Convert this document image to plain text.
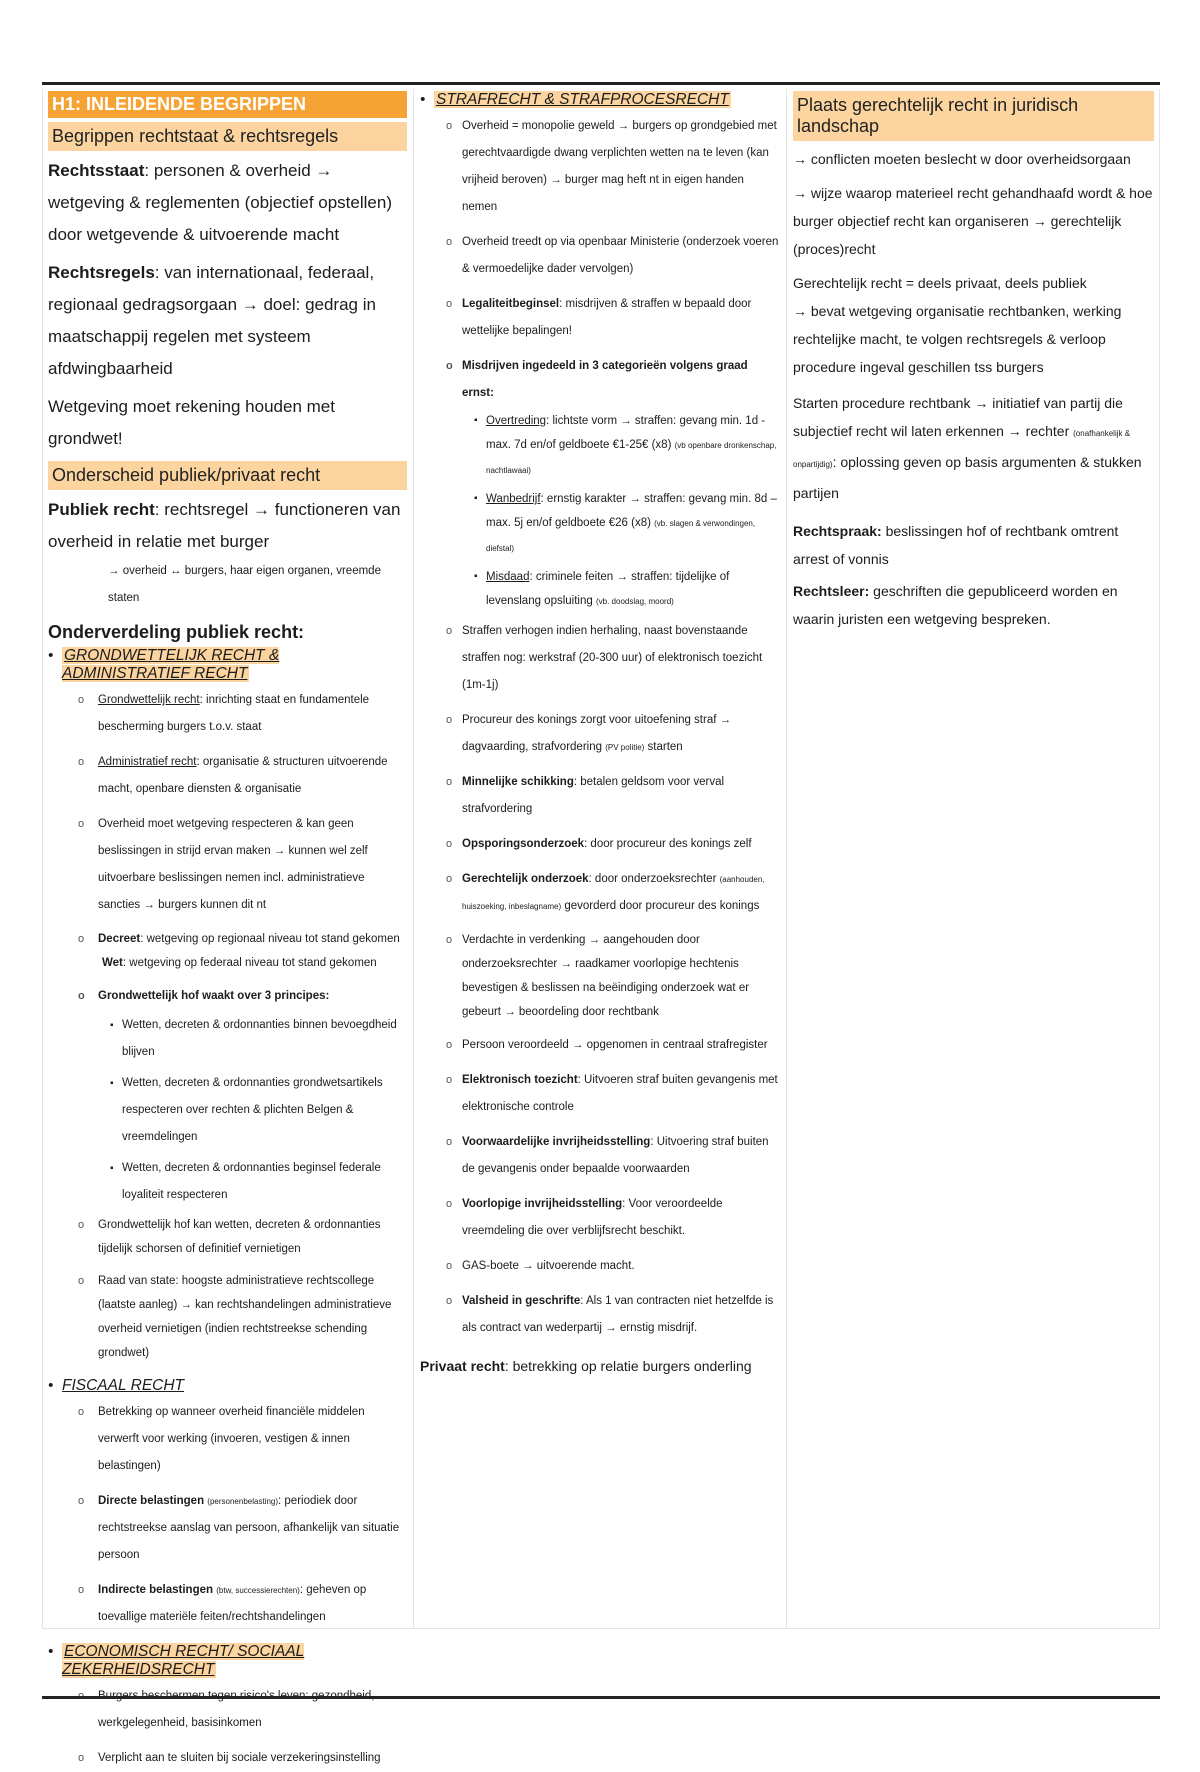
H1: INLEIDENDE BEGRIPPEN
Begrippen rechtstaat & rechtsregels
Rechtsstaat: personen & overheid → wetgeving & reglementen (objectief opstellen) door wetgevende & uitvoerende macht
Rechtsregels: van internationaal, federaal, regionaal gedragsorgaan → doel: gedrag in maatschappij regelen met systeem afdwingbaarheid
Wetgeving moet rekening houden met grondwet!
Onderscheid publiek/privaat recht
Publiek recht: rechtsregel → functioneren van overheid in relatie met burger
→ overheid ↔ burgers, haar eigen organen, vreemde staten
Onderverdeling publiek recht:
• GRONDWETTELIJK RECHT & ADMINISTRATIEF RECHT
o Grondwettelijk recht: inrichting staat en fundamentele bescherming burgers t.o.v. staat
o Administratief recht: organisatie & structuren uitvoerende macht, openbare diensten & organisatie
o Overheid moet wetgeving respecteren & kan geen beslissingen in strijd ervan maken → kunnen wel zelf uitvoerbare beslissingen nemen incl. administratieve sancties → burgers kunnen dit nt
o Decreet: wetgeving op regionaal niveau tot stand gekomen
Wet: wetgeving op federaal niveau tot stand gekomen
o Grondwettelijk hof waakt over 3 principes:
▪ Wetten, decreten & ordonnanties binnen bevoegdheid blijven
▪ Wetten, decreten & ordonnanties grondwetsartikels respecteren over rechten & plichten Belgen & vreemdelingen
▪ Wetten, decreten & ordonnanties beginsel federale loyaliteit respecteren
o Grondwettelijk hof kan wetten, decreten & ordonnanties tijdelijk schorsen of definitief vernietigen
o Raad van state: hoogste administratieve rechtscollege (laatste aanleg) → kan rechtshandelingen administratieve overheid vernietigen (indien rechtstreekse schending grondwet)
• FISCAAL RECHT
o Betrekking op wanneer overheid financiële middelen verwerft voor werking (invoeren, vestigen & innen belastingen)
o Directe belastingen (personenbelasting): periodiek door rechtstreekse aanslag van persoon, afhankelijk van situatie persoon
o Indirecte belastingen (btw, successierechten): geheven op toevallige materiële feiten/rechtshandelingen
• ECONOMISCH RECHT/ SOCIAAL ZEKERHEIDSRECHT
o Burgers beschermen tegen risico's leven: gezondheid, werkgelegenheid, basisinkomen
o Verplicht aan te sluiten bij sociale verzekeringsinstelling
• STRAFRECHT & STRAFPROCESRECHT
o Overheid = monopolie geweld → burgers op grondgebied met gerechtvaardigde dwang verplichten wetten na te leven (kan vrijheid beroven) → burger mag heft nt in eigen handen nemen
o Overheid treedt op via openbaar Ministerie (onderzoek voeren & vermoedelijke dader vervolgen)
o Legaliteitbeginsel: misdrijven & straffen w bepaald door wettelijke bepalingen!
o Misdrijven ingedeeld in 3 categorieën volgens graad ernst:
▪ Overtreding: lichtste vorm → straffen: gevang min. 1d - max. 7d en/of geldboete €1-25€ (x8) (vb openbare dronkenschap, nachtlawaai)
▪ Wanbedrijf: ernstig karakter → straffen: gevang min. 8d – max. 5j en/of geldboete €26 (x8) (vb. slagen & verwondingen, diefstal)
▪ Misdaad: criminele feiten → straffen: tijdelijke of levenslang opsluiting (vb. doodslag, moord)
o Straffen verhogen indien herhaling, naast bovenstaande straffen nog: werkstraf (20-300 uur) of elektronisch toezicht (1m-1j)
o Procureur des konings zorgt voor uitoefening straf → dagvaarding, strafvordering (PV politie) starten
o Minnelijke schikking: betalen geldsom voor verval strafvordering
o Opsporingsonderzoek: door procureur des konings zelf
o Gerechtelijk onderzoek: door onderzoeksrechter (aanhouden, huiszoeking, inbeslagname) gevorderd door procureur des konings
o Verdachte in verdenking → aangehouden door onderzoeksrechter → raadkamer voorlopige hechtenis bevestigen & beslissen na beëindiging onderzoek wat er gebeurt → beoordeling door rechtbank
o Persoon veroordeeld → opgenomen in centraal strafregister
o Elektronisch toezicht: Uitvoeren straf buiten gevangenis met elektronische controle
o Voorwaardelijke invrijheidsstelling: Uitvoering straf buiten de gevangenis onder bepaalde voorwaarden
o Voorlopige invrijheidsstelling: Voor veroordeelde vreemdeling die over verblijfsrecht beschikt.
o GAS-boete → uitvoerende macht.
o Valsheid in geschrifte: Als 1 van contracten niet hetzelfde is als contract van wederpartij → ernstig misdrijf.
Privaat recht: betrekking op relatie burgers onderling
Plaats gerechtelijk recht in juridisch landschap
→ conflicten moeten beslecht w door overheidsorgaan
→ wijze waarop materieel recht gehandhaafd wordt & hoe burger objectief recht kan organiseren → gerechtelijk (proces)recht
Gerechtelijk recht = deels privaat, deels publiek
→ bevat wetgeving organisatie rechtbanken, werking rechtelijke macht, te volgen rechtsregels & verloop procedure ingeval geschillen tss burgers
Starten procedure rechtbank → initiatief van partij die subjectief recht wil laten erkennen → rechter (onafhankelijk & onpartijdig): oplossing geven op basis argumenten & stukken partijen
Rechtspraak: beslissingen hof of rechtbank omtrent arrest of vonnis
Rechtsleer: geschriften die gepubliceerd worden en waarin juristen een wetgeving bespreken.
